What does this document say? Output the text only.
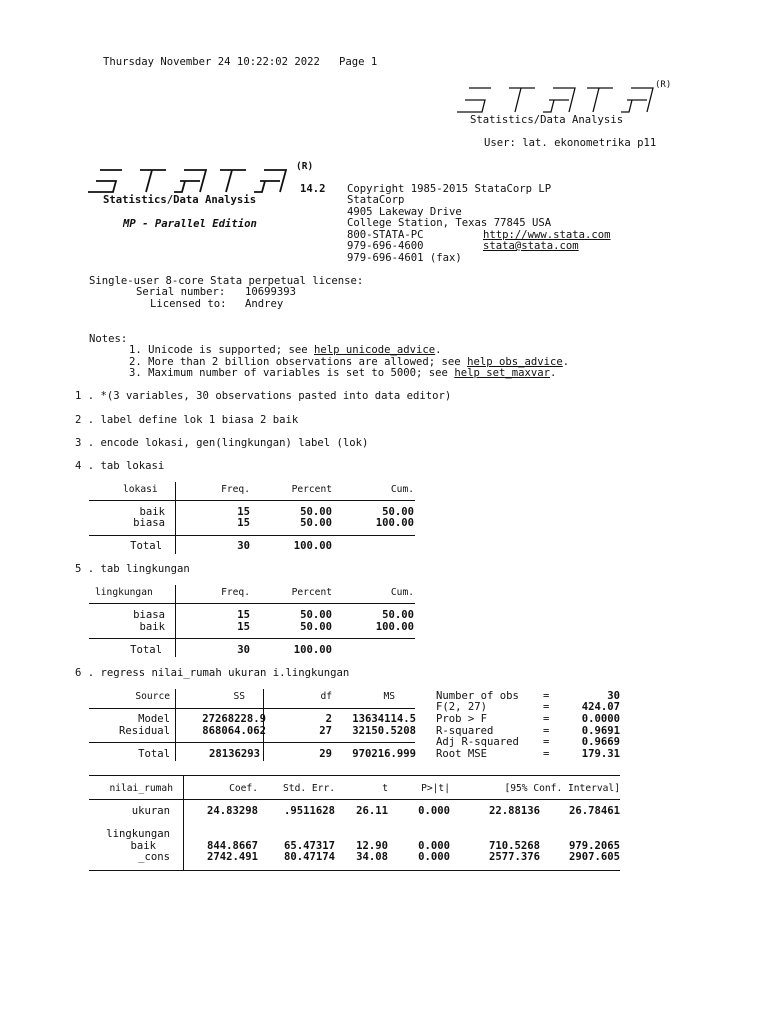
Thursday November 24 10:22:02 2022   Page 1
(R)
Statistics/Data Analysis
User: lat. ekonometrika p11
(R)
14.2
Statistics/Data Analysis
MP - Parallel Edition
Copyright 1985-2015 StataCorp LP
StataCorp
4905 Lakeway Drive
College Station, Texas 77845 USA
800-STATA-PC	http://www.stata.com
979-696-4600	stata@stata.com
979-696-4601 (fax)
Single-user 8-core Stata perpetual license:
Serial number: 10699393
Licensed to: Andrey
Notes:
1. Unicode is supported; see help unicode_advice.
2. More than 2 billion observations are allowed; see help obs_advice.
3. Maximum number of variables is set to 5000; see help set_maxvar.
1 . *(3 variables, 30 observations pasted into data editor)
2 . label define lok 1 biasa 2 baik
3 . encode lokasi, gen(lingkungan) label (lok)
4 . tab lokasi
lokasi	Freq.	Percent	Cum.
baik	15	50.00	50.00
biasa	15	50.00	100.00
Total	30	100.00
5 . tab lingkungan
lingkungan	Freq.	Percent	Cum.
biasa	15	50.00	50.00
baik	15	50.00	100.00
Total	30	100.00
6 . regress nilai_rumah ukuran i.lingkungan
Source	SS	df	MS
Model	27268228.9	2	13634114.5
Residual	868064.062	27	32150.5208
Total	28136293	29	970216.999
Number of obs =	30
F(2, 27)	=	424.07
Prob > F	=	0.0000
R-squared	=	0.9691
Adj R-squared =	0.9669
Root MSE	=	179.31
nilai_rumah	Coef.	Std. Err.	t	P>|t|	[95% Conf. Interval]
ukuran	24.83298	.9511628	26.11	0.000	22.88136	26.78461
lingkungan
baik	844.8667	65.47317	12.90	0.000	710.5268	979.2065
_cons	2742.491	80.47174	34.08	0.000	2577.376	2907.605
